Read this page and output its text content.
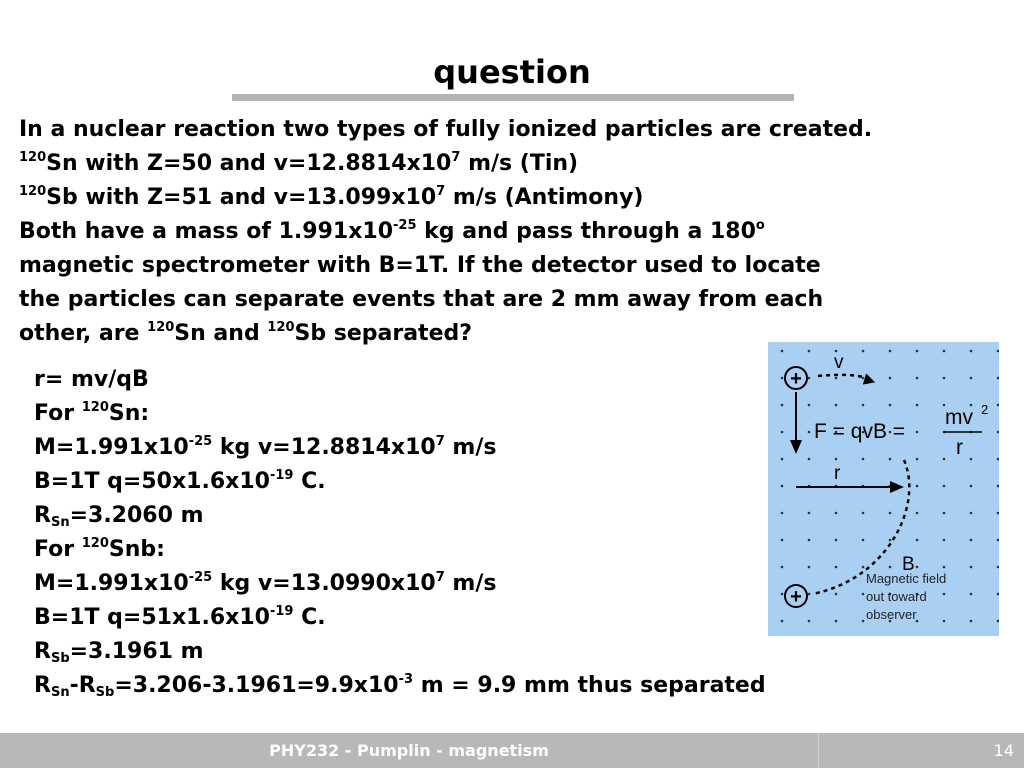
question
In a nuclear reaction two types of fully ionized particles are created.
$^{120}$Sn with Z=50 and $v=12.8814x10^7$ m/s (Tin)
$^{120}$Sb with Z=51 and $v=13.099x10^7$ m/s (Antimony)
Both have a mass of $1.991x10^{-25}$ kg and pass through a 180$^o$
magnetic spectrometer with B=1T. If the detector used to locate
the particles can separate events that are 2 mm away from each
other, are $^{120}$Sn and $^{120}$Sb separated?
r= mv/qB
For $^{120}$Sn:
$M=1.991x10^{-25}$ kg $v=12.8814x10^7$ m/s
B=1T $q=50x1.6x10^{-19}$ C.
$R_{Sn}=3.2060$ m
For $^{120}$Snb:
$M=1.991x10^{-25}$ kg $v=13.0990x10^7$ m/s
B=1T $q=51x1.6x10^{-19}$ C.
$R_{Sb}=3.1961$ m
$R_{Sn}-R_{Sb}=3.206-3.1961=9.9x10^{-3}$ m = 9.9 mm thus separated
+
+
v
F = qvB =
mv 2
r
r
B
Magnetic field
out toward
observer
PHY232 - Pumplin - magnetism	14
